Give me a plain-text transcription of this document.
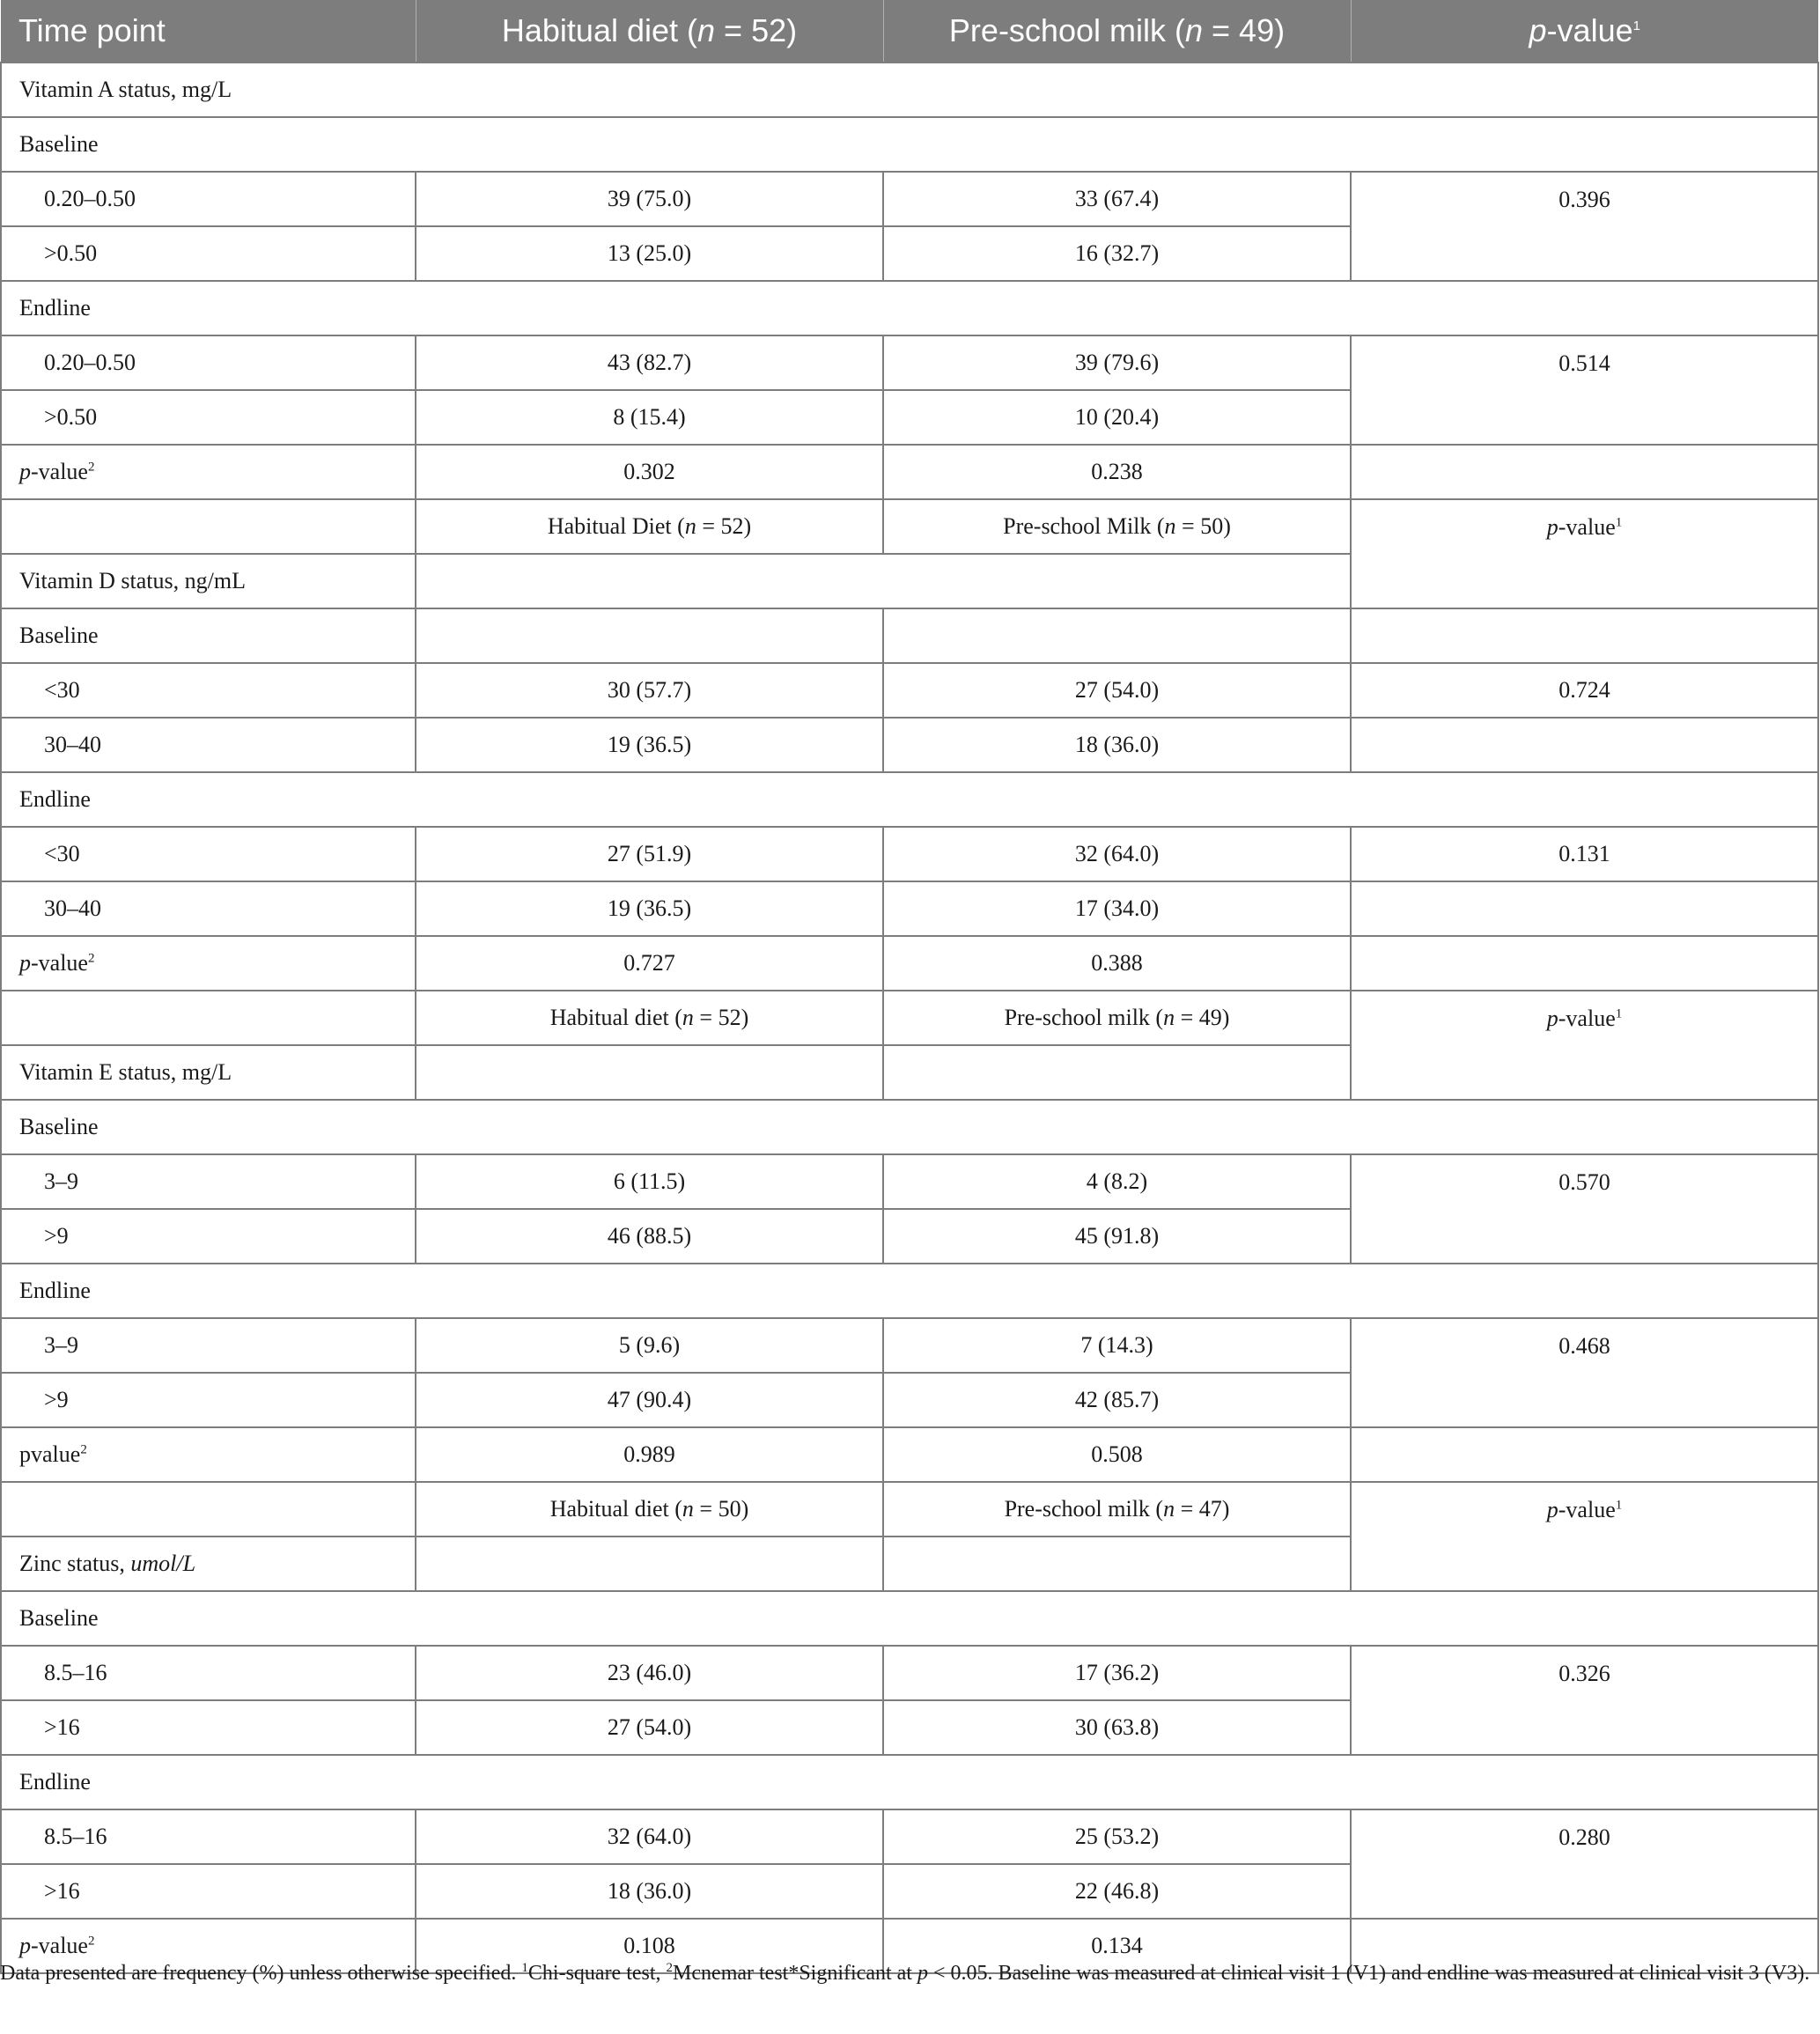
Time point	Habitual diet (n = 52)	Pre-school milk (n = 49)	p-value$^1$
Vitamin A status, mg/L			
Baseline			
0.20–0.50	39 (75.0)	33 (67.4)	0.396
>0.50	13 (25.0)	16 (32.7)	
Endline			
0.20–0.50	43 (82.7)	39 (79.6)	0.514
>0.50	8 (15.4)	10 (20.4)	
p-value$^2$	0.302	0.238	
	Habitual Diet (n = 52)	Pre-school Milk (n = 50)	p-value$^1$
Vitamin D status, ng/mL			
Baseline			
<30	30 (57.7)	27 (54.0)	0.724
30–40	19 (36.5)	18 (36.0)	
Endline			
<30	27 (51.9)	32 (64.0)	0.131
30–40	19 (36.5)	17 (34.0)	
p-value$^2$	0.727	0.388	
	Habitual diet (n = 52)	Pre-school milk (n = 49)	p-value$^1$
Vitamin E status, mg/L			
Baseline			
3–9	6 (11.5)	4 (8.2)	0.570
>9	46 (88.5)	45 (91.8)	
Endline			
3–9	5 (9.6)	7 (14.3)	0.468
>9	47 (90.4)	42 (85.7)	
pvalue$^2$	0.989	0.508	
	Habitual diet (n = 50)	Pre-school milk (n = 47)	p-value$^1$
Zinc status, umol/L			
Baseline			
8.5–16	23 (46.0)	17 (36.2)	0.326
>16	27 (54.0)	30 (63.8)	
Endline			
8.5–16	32 (64.0)	25 (53.2)	0.280
>16	18 (36.0)	22 (46.8)	
p-value$^2$	0.108	0.134	
Data presented are frequency (%) unless otherwise specified. $^1$Chi-square test, $^2$Mcnemar test*Significant at p < 0.05. Baseline was measured at clinical visit 1 (V1) and endline was measured at clinical visit 3 (V3).
